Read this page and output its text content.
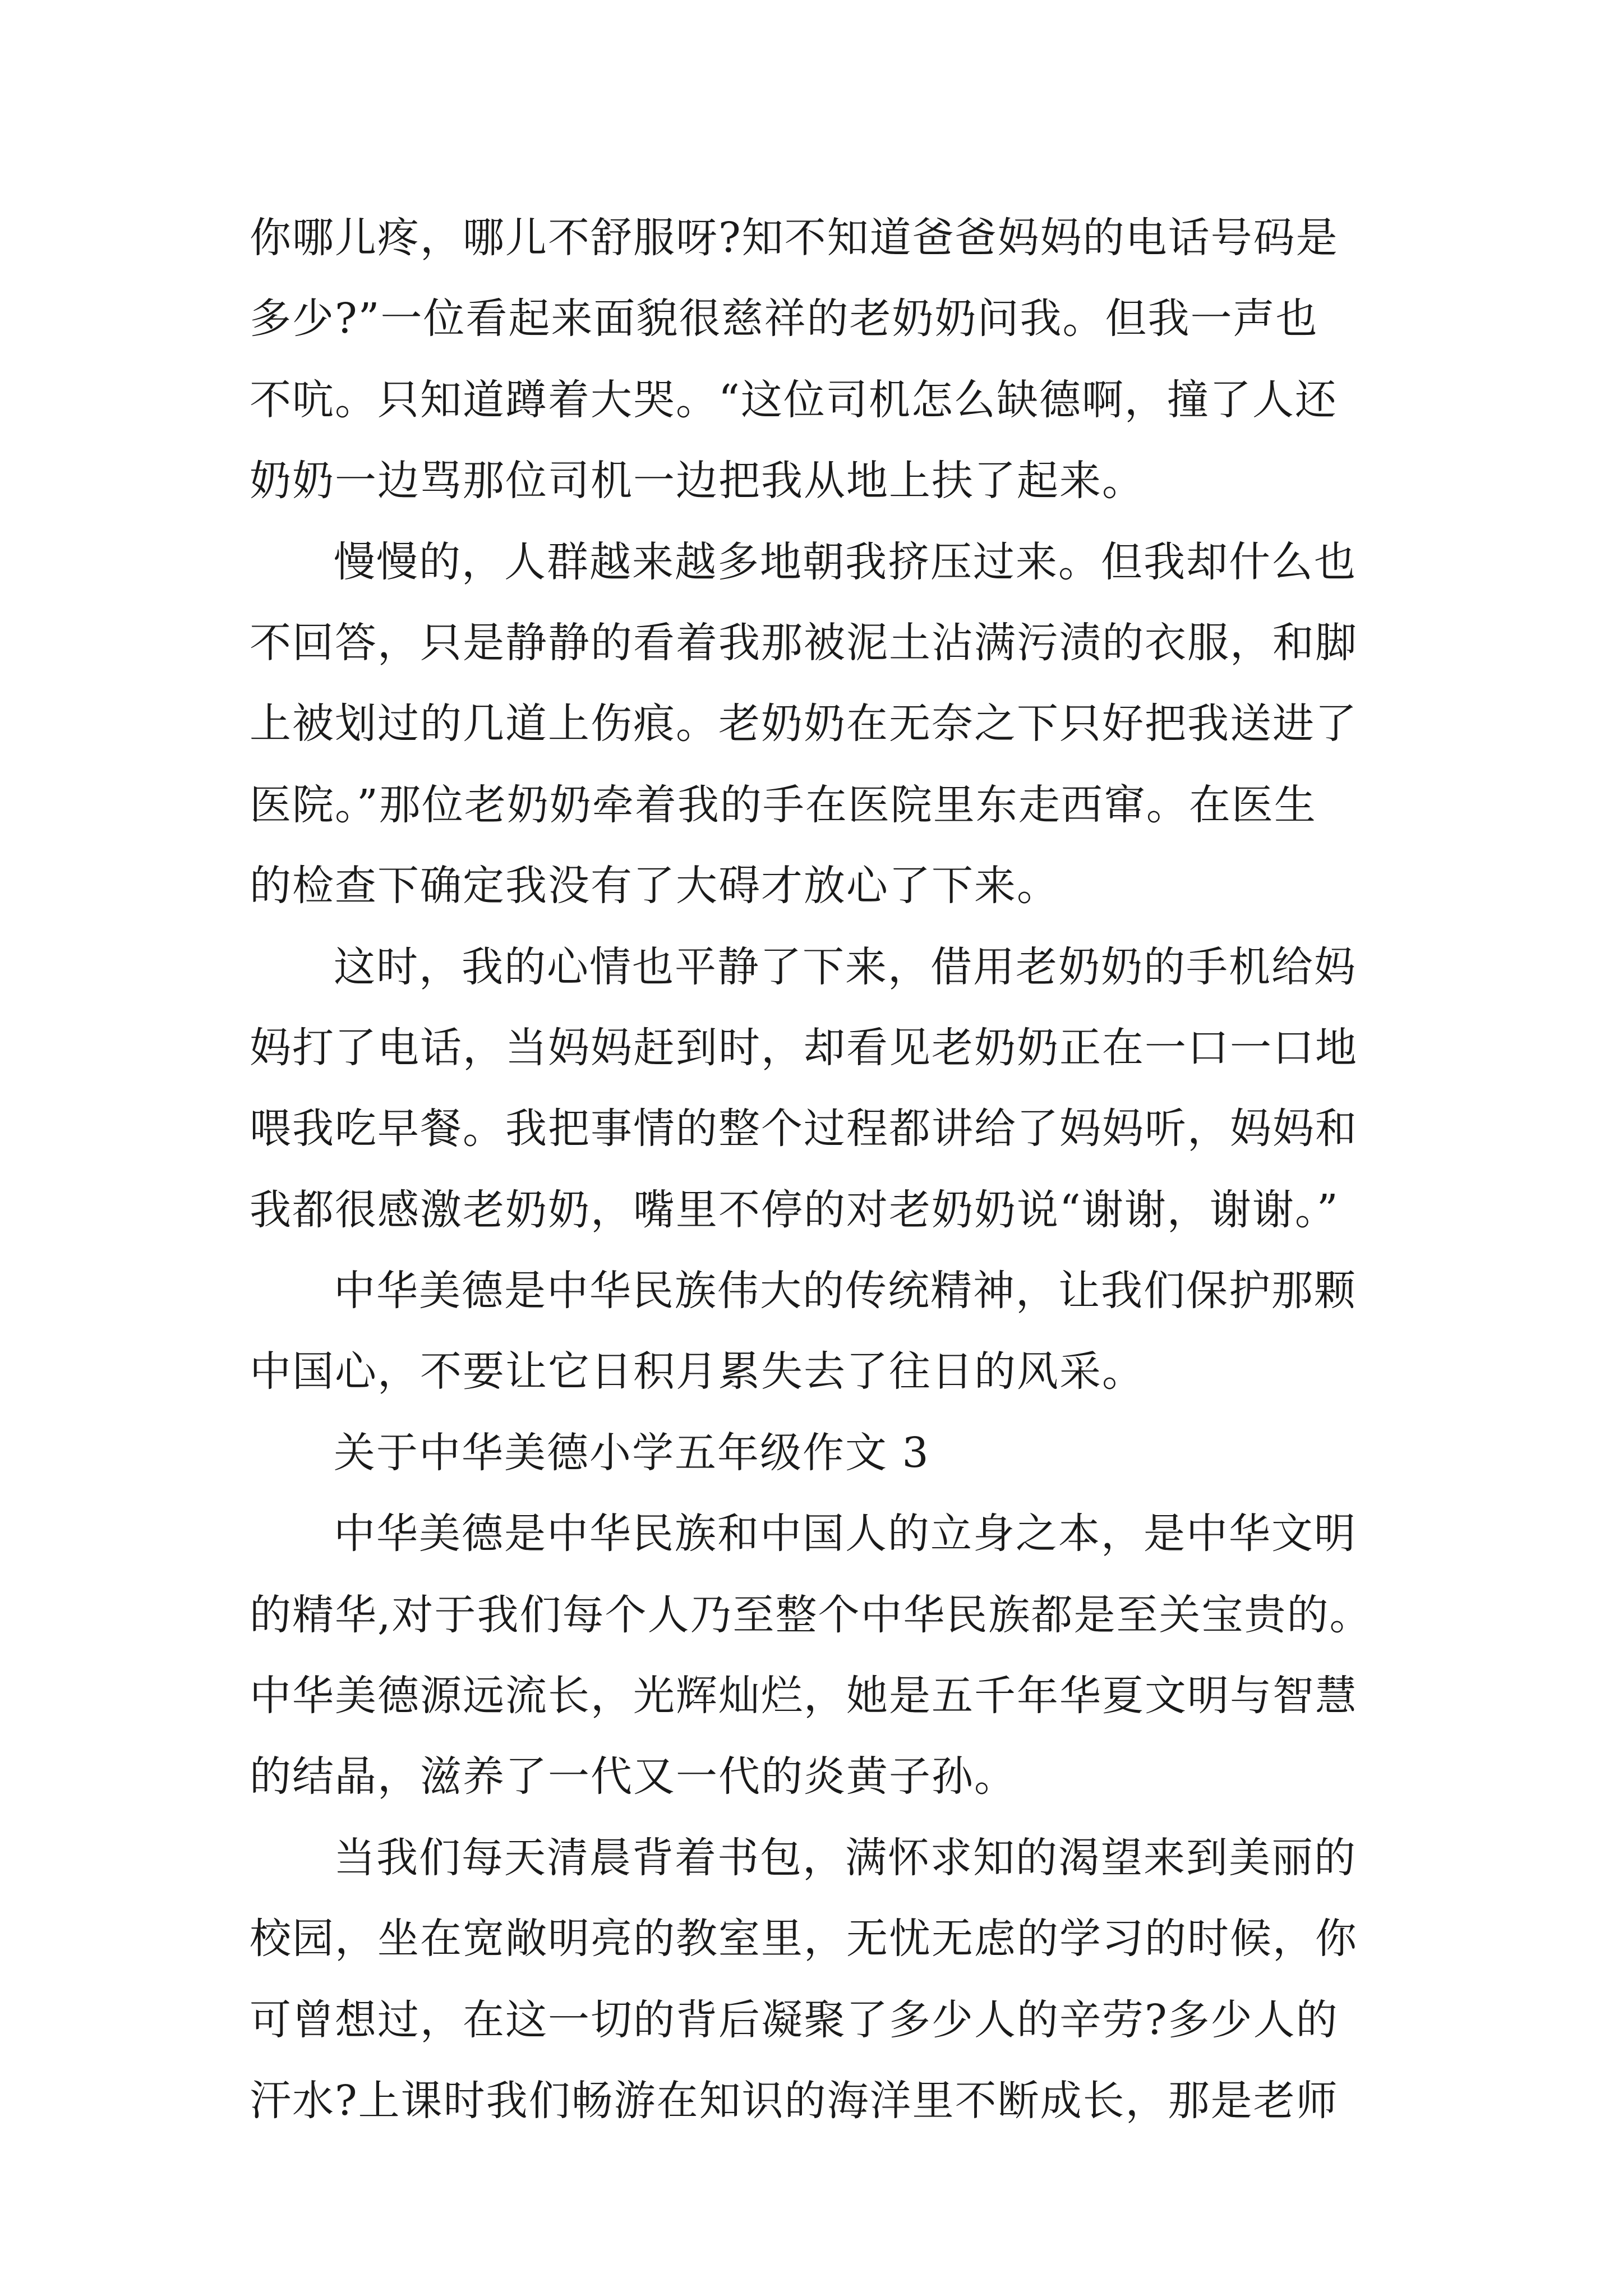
你哪儿疼，哪儿不舒服呀?知不知道爸爸妈妈的电话号码是
多少?”一位看起来面貌很慈祥的老奶奶问我。但我一声也
不吭。只知道蹲着大哭。“这位司机怎么缺德啊，撞了人还
奶奶一边骂那位司机一边把我从地上扶了起来。
慢慢的，人群越来越多地朝我挤压过来。但我却什么也
不回答，只是静静的看着我那被泥土沾满污渍的衣服，和脚
上被划过的几道上伤痕。老奶奶在无奈之下只好把我送进了
医院。”那位老奶奶牵着我的手在医院里东走西窜。在医生
的检查下确定我没有了大碍才放心了下来。
这时，我的心情也平静了下来，借用老奶奶的手机给妈
妈打了电话，当妈妈赶到时，却看见老奶奶正在一口一口地
喂我吃早餐。我把事情的整个过程都讲给了妈妈听，妈妈和
我都很感激老奶奶，嘴里不停的对老奶奶说“谢谢，谢谢。”
中华美德是中华民族伟大的传统精神，让我们保护那颗
中国心，不要让它日积月累失去了往日的风采。
关于中华美德小学五年级作文 3
中华美德是中华民族和中国人的立身之本，是中华文明
的精华,对于我们每个人乃至整个中华民族都是至关宝贵的。
中华美德源远流长，光辉灿烂，她是五千年华夏文明与智慧
的结晶，滋养了一代又一代的炎黄子孙。
当我们每天清晨背着书包，满怀求知的渴望来到美丽的
校园，坐在宽敞明亮的教室里，无忧无虑的学习的时候，你
可曾想过，在这一切的背后凝聚了多少人的辛劳?多少人的
汗水?上课时我们畅游在知识的海洋里不断成长，那是老师
